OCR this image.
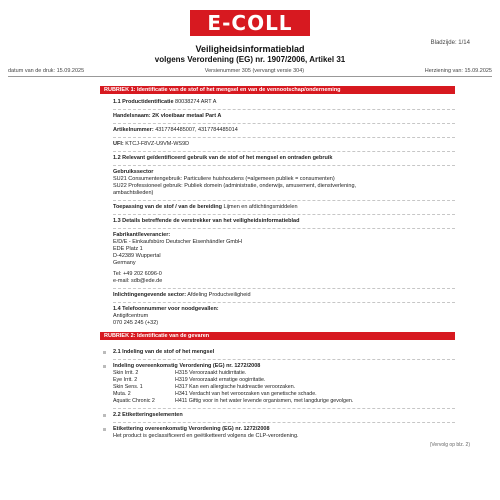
E-COLL
Bladzijde: 1/14
Veiligheidsinformatieblad
volgens Verordening (EG) nr. 1907/2006, Artikel 31
datum van de druk: 15.09.2025	Versienummer 305 (vervangt versie 304)	Herziening van: 15.09.2025
RUBRIEK 1: Identificatie van de stof of het mengsel en van de vennootschap/onderneming
1.1 Productidentificatie 80038274 ART A
Handelsnaam: 2K vloeibaar metaal Part A
Artikelnummer: 4317784485007, 4317784485014
UFI: KTCJ-F8VZ-U9VM-WS9D
1.2 Relevant geïdentificeerd gebruik van de stof of het mengsel en ontraden gebruik
Gebruikssector
SU21 Consumentengebruik: Particuliere huishoudens (=algemeen publiek = consumenten)
SU22 Professioneel gebruik: Publiek domein (administratie, onderwijs, amusement, dienstverlening,
ambachtslieden)
Toepassing van de stof / van de bereiding Lijmen en afdichtingsmiddelen
1.3 Details betreffende de verstrekker van het veiligheidsinformatieblad
Fabrikant/leverancier:
E/D/E - Einkaufsbüro Deutscher Eisenhändler GmbH
EDE Platz 1
D-42389 Wuppertal
Germany
Tel: +49 202 6096-0
e-mail: sdb@ede.de
Inlichtingengevende sector: Afdeling Productveiligheid
1.4 Telefoonnummer voor noodgevallen:
Antigifcentrum
070 245 245 (+32)
RUBRIEK 2: Identificatie van de gevaren
2.1 Indeling van de stof of het mengsel
Indeling overeenkomstig Verordening (EG) nr. 1272/2008
Skin Irrit. 2	H315 Veroorzaakt huidirritatie.
Eye Irrit. 2	H319 Veroorzaakt ernstige oogirritatie.
Skin Sens. 1	H317 Kan een allergische huidreactie veroorzaken.
Muta. 2	H341 Verdacht van het veroorzaken van genetische schade.
Aquatic Chronic 2	H411 Giftig voor in het water levende organismen, met langdurige gevolgen.
2.2 Etiketteringselementen
Etikettering overeenkomstig Verordening (EG) nr. 1272/2008
Het product is geclassificeerd en geëtiketteerd volgens de CLP-verordening.
(Vervolg op blz. 2)
